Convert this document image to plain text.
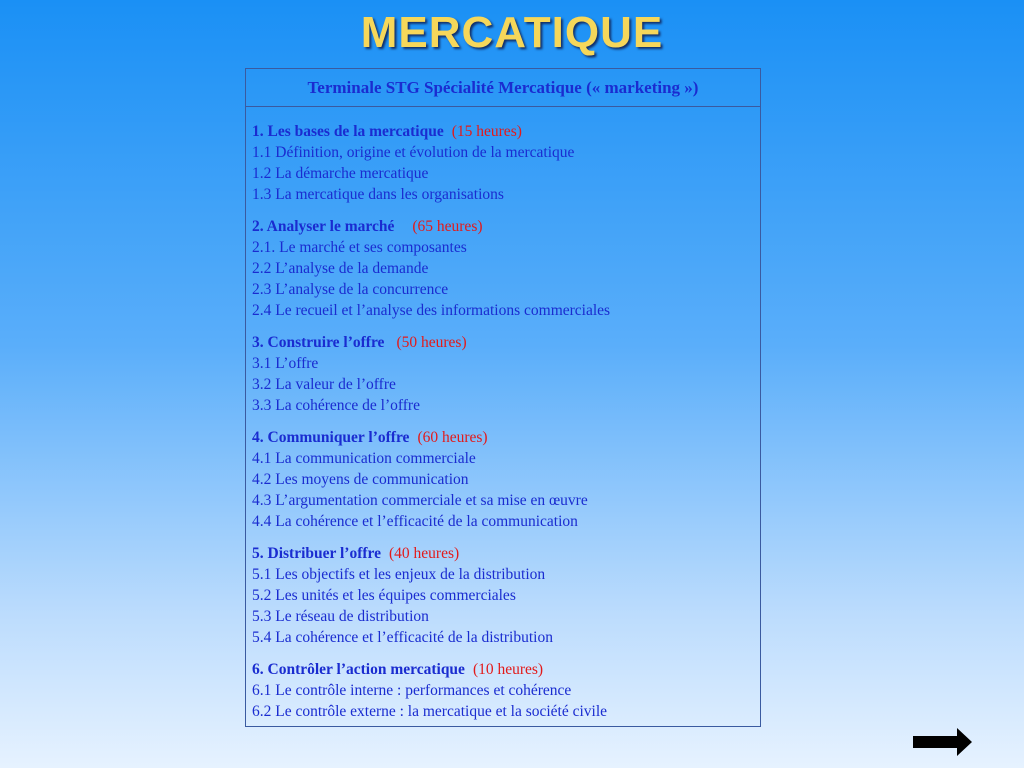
MERCATIQUE
Terminale STG Spécialité Mercatique (« marketing »)
1. Les bases de la mercatique (15 heures)
1.1 Définition, origine et évolution de la mercatique
1.2 La démarche mercatique
1.3 La mercatique dans les organisations
2. Analyser le marché (65 heures)
2.1. Le marché et ses composantes
2.2 L’analyse de la demande
2.3 L’analyse de la concurrence
2.4 Le recueil et l’analyse des informations commerciales
3. Construire l’offre (50 heures)
3.1 L’offre
3.2 La valeur de l’offre
3.3 La cohérence de l’offre
4. Communiquer l’offre (60 heures)
4.1 La communication commerciale
4.2 Les moyens de communication
4.3 L’argumentation commerciale et sa mise en œuvre
4.4 La cohérence et l’efficacité de la communication
5. Distribuer l’offre (40 heures)
5.1 Les objectifs et les enjeux de la distribution
5.2 Les unités et les équipes commerciales
5.3 Le réseau de distribution
5.4 La cohérence et l’efficacité de la distribution
6. Contrôler l’action mercatique (10 heures)
6.1 Le contrôle interne : performances et cohérence
6.2 Le contrôle externe : la mercatique et la société civile
